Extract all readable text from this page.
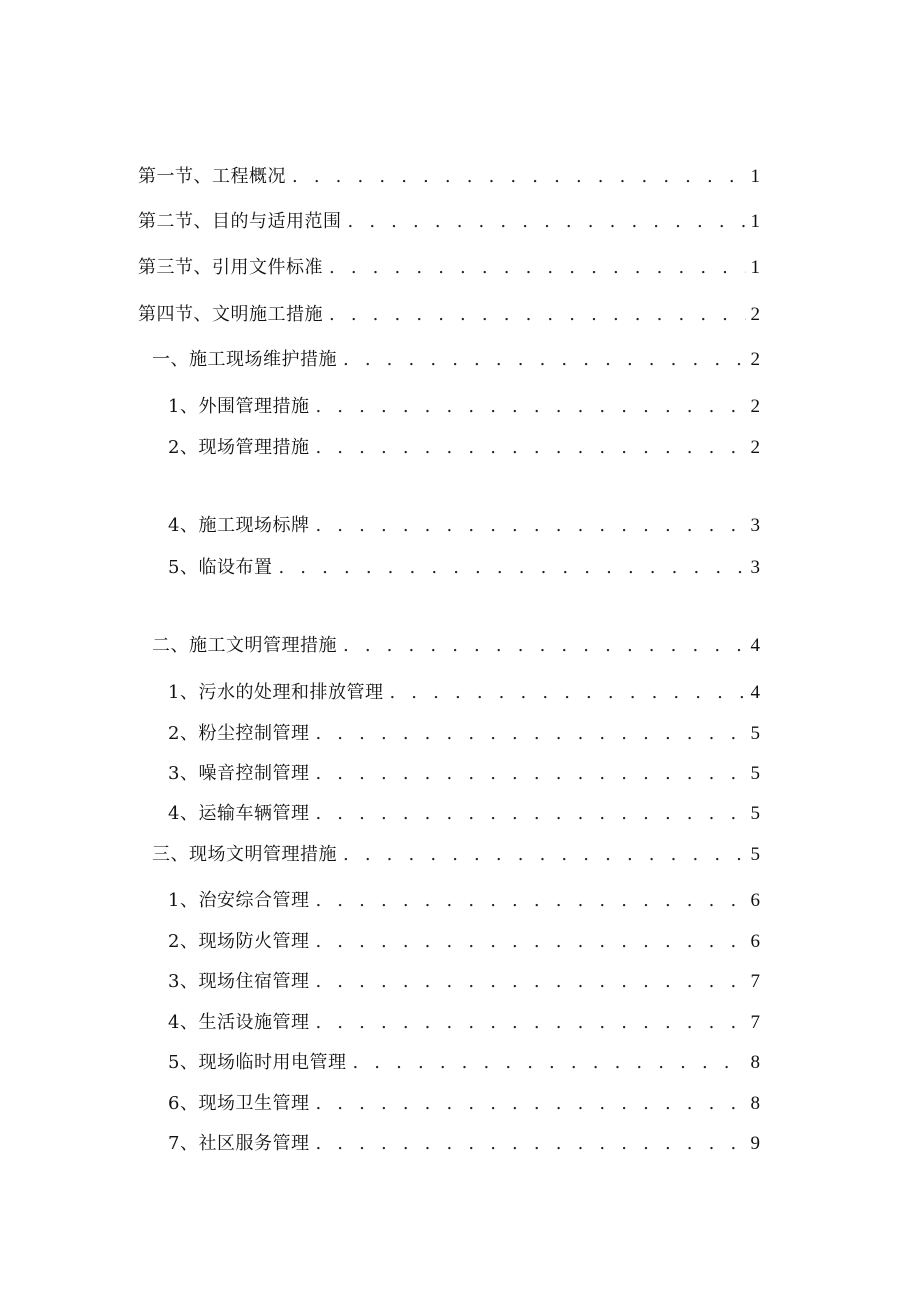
第一节、工程概况 . . .	1
第二节、目的与适用范围 . . .	1
第三节、引用文件标准 . . .	1
第四节、文明施工措施 . . .	2
一、施工现场维护措施 . . .	2
1、外围管理措施 . . .	2
2、现场管理措施 . . .	2
4、施工现场标牌 . . .	3
5、临设布置 . . .	3
二、施工文明管理措施 . . .	4
1、污水的处理和排放管理 . . .	4
2、粉尘控制管理 . . .	5
3、噪音控制管理 . . .	5
4、运输车辆管理 . . .	5
三、现场文明管理措施 . . .	5
1、治安综合管理 . . .	6
2、现场防火管理 . . .	6
3、现场住宿管理 . . .	7
4、生活设施管理 . . .	7
5、现场临时用电管理 . . .	8
6、现场卫生管理 . . .	8
7、社区服务管理 . . .	9
